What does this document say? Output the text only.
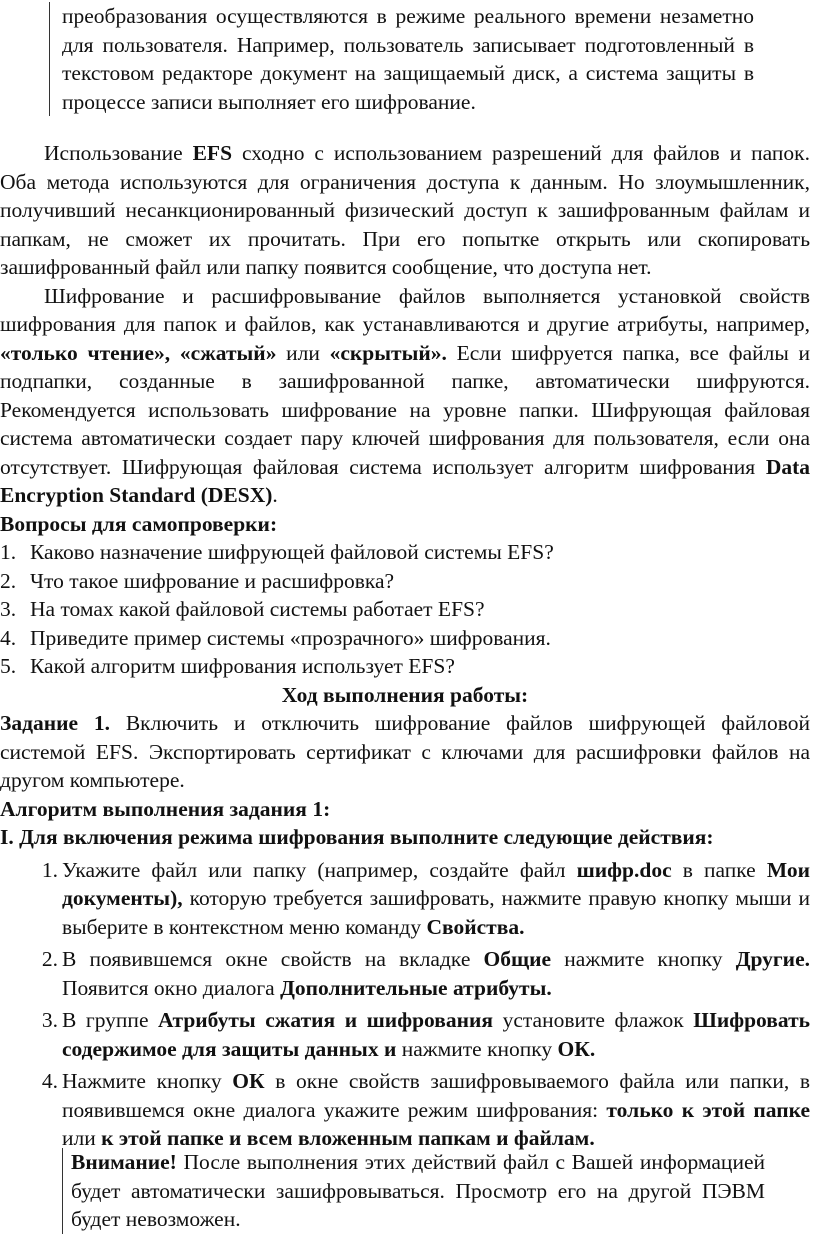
преобразования осуществляются в режиме реального времени незаметно для пользователя. Например, пользователь записывает подготовленный в текстовом редакторе документ на защищаемый диск, а система защиты в процессе записи выполняет его шифрование.

Использование EFS сходно с использованием разрешений для файлов и папок. Оба метода используются для ограничения доступа к данным. Но злоумышленник, получивший несанкционированный физический доступ к зашифрованным файлам и папкам, не сможет их прочитать. При его попытке открыть или скопировать зашифрованный файл или папку появится сообщение, что доступа нет.

Шифрование и расшифровывание файлов выполняется установкой свойств шифрования для папок и файлов, как устанавливаются и другие атрибуты, например, «только чтение», «сжатый» или «скрытый». Если шифруется папка, все файлы и подпапки, созданные в зашифрованной папке, автоматически шифруются. Рекомендуется использовать шифрование на уровне папки. Шифрующая файловая система автоматически создает пару ключей шифрования для пользователя, если она отсутствует. Шифрующая файловая система использует алгоритм шифрования Data Encryption Standard (DESX).

Вопросы для самопроверки:

1. Каково назначение шифрующей файловой системы EFS?
2. Что такое шифрование и расшифровка?
3. На томах какой файловой системы работает EFS?
4. Приведите пример системы «прозрачного» шифрования.
5. Какой алгоритм шифрования использует EFS?

Ход выполнения работы:

Задание 1. Включить и отключить шифрование файлов шифрующей файловой системой EFS. Экспортировать сертификат с ключами для расшифровки файлов на другом компьютере.

Алгоритм выполнения задания 1:

I. Для включения режима шифрования выполните следующие действия:

1. Укажите файл или папку (например, создайте файл шифр.doc в папке Мои документы), которую требуется зашифровать, нажмите правую кнопку мыши и выберите в контекстном меню команду Свойства.
2. В появившемся окне свойств на вкладке Общие нажмите кнопку Другие. Появится окно диалога Дополнительные атрибуты.
3. В группе Атрибуты сжатия и шифрования установите флажок Шифровать содержимое для защиты данных и нажмите кнопку ОК.
4. Нажмите кнопку ОК в окне свойств зашифровываемого файла или папки, в появившемся окне диалога укажите режим шифрования: только к этой папке или к этой папке и всем вложенным папкам и файлам.

Внимание! После выполнения этих действий файл с Вашей информацией будет автоматически зашифровываться. Просмотр его на другой ПЭВМ будет невозможен.
